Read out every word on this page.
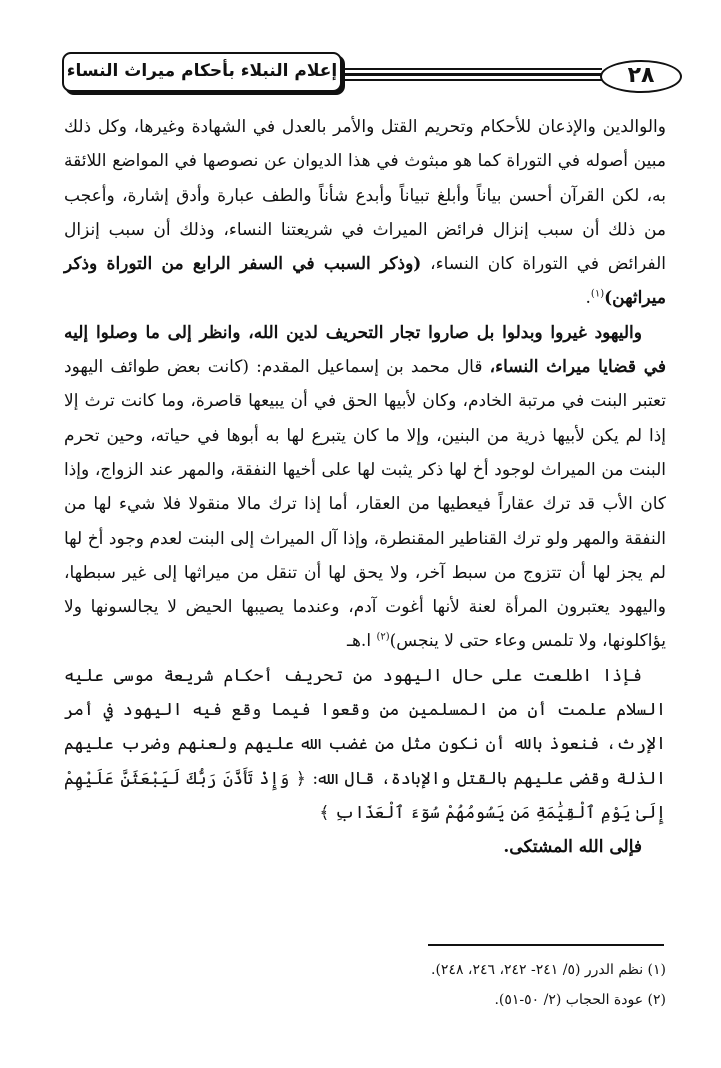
٢٨
إعلام النبلاء بأحكام ميراث النساء

والوالدين والإذعان للأحكام وتحريم القتل والأمر بالعدل في الشهادة وغيرها، وكل ذلك مبين أصوله في التوراة كما هو مبثوث في هذا الديوان عن نصوصها في المواضع اللائقة به، لكن القرآن أحسن بياناً وأبلغ تبياناً وأبدع شأناً والطف عبارة وأدق إشارة، وأعجب من ذلك أن سبب إنزال فرائض الميراث في شريعتنا النساء، وذلك أن سبب إنزال الفرائض في التوراة كان النساء، (وذكر السبب في السفر الرابع من التوراة وذكر ميراثهن)$^{(١)}$.

واليهود غيروا وبدلوا بل صاروا تجار التحريف لدين الله، وانظر إلى ما وصلوا إليه في قضايا ميراث النساء، قال محمد بن إسماعيل المقدم: (كانت بعض طوائف اليهود تعتبر البنت في مرتبة الخادم، وكان لأبيها الحق في أن يبيعها قاصرة، وما كانت ترث إلا إذا لم يكن لأبيها ذرية من البنين، وإلا ما كان يتبرع لها به أبوها في حياته، وحين تحرم البنت من الميراث لوجود أخ لها ذكر يثبت لها على أخيها النفقة، والمهر عند الزواج، وإذا كان الأب قد ترك عقاراً فيعطيها من العقار، أما إذا ترك مالا منقولا فلا شيء لها من النفقة والمهر ولو ترك القناطير المقنطرة، وإذا آل الميراث إلى البنت لعدم وجود أخ لها لم يجز لها أن تتزوج من سبط آخر، ولا يحق لها أن تنقل من ميراثها إلى غير سبطها، واليهود يعتبرون المرأة لعنة لأنها أغوت آدم، وعندما يصيبها الحيض لا يجالسونها ولا يؤاكلونها، ولا تلمس وعاء حتى لا ينجس)$^{(٢)}$ ا.هـ

فإذا اطلعت على حال اليهود من تحريف أحكام شريعة موسى عليه السلام علمت أن من المسلمين من وقعوا فيما وقع فيه اليهود في أمر الإرث، فنعوذ بالله أن نكون مثل من غضب الله عليهم ولعنهم وضرب عليهم الذلة وقضى عليهم بالقتل والإبادة، قال الله: ﴿ وَإِذْ تَأَذَّنَ رَبُّكَ لَيَبْعَثَنَّ عَلَيْهِمْ إِلَىٰ يَوْمِ ٱلْقِيَٰمَةِ مَن يَسُومُهُمْ سُوٓءَ ٱلْعَذَابِ ﴾

فإلى الله المشتكى.

(١) نظم الدرر (٥/ ٢٤١- ٢٤٢، ٢٤٦، ٢٤٨).

(٢) عودة الحجاب (٢/ ٥٠-٥١).
